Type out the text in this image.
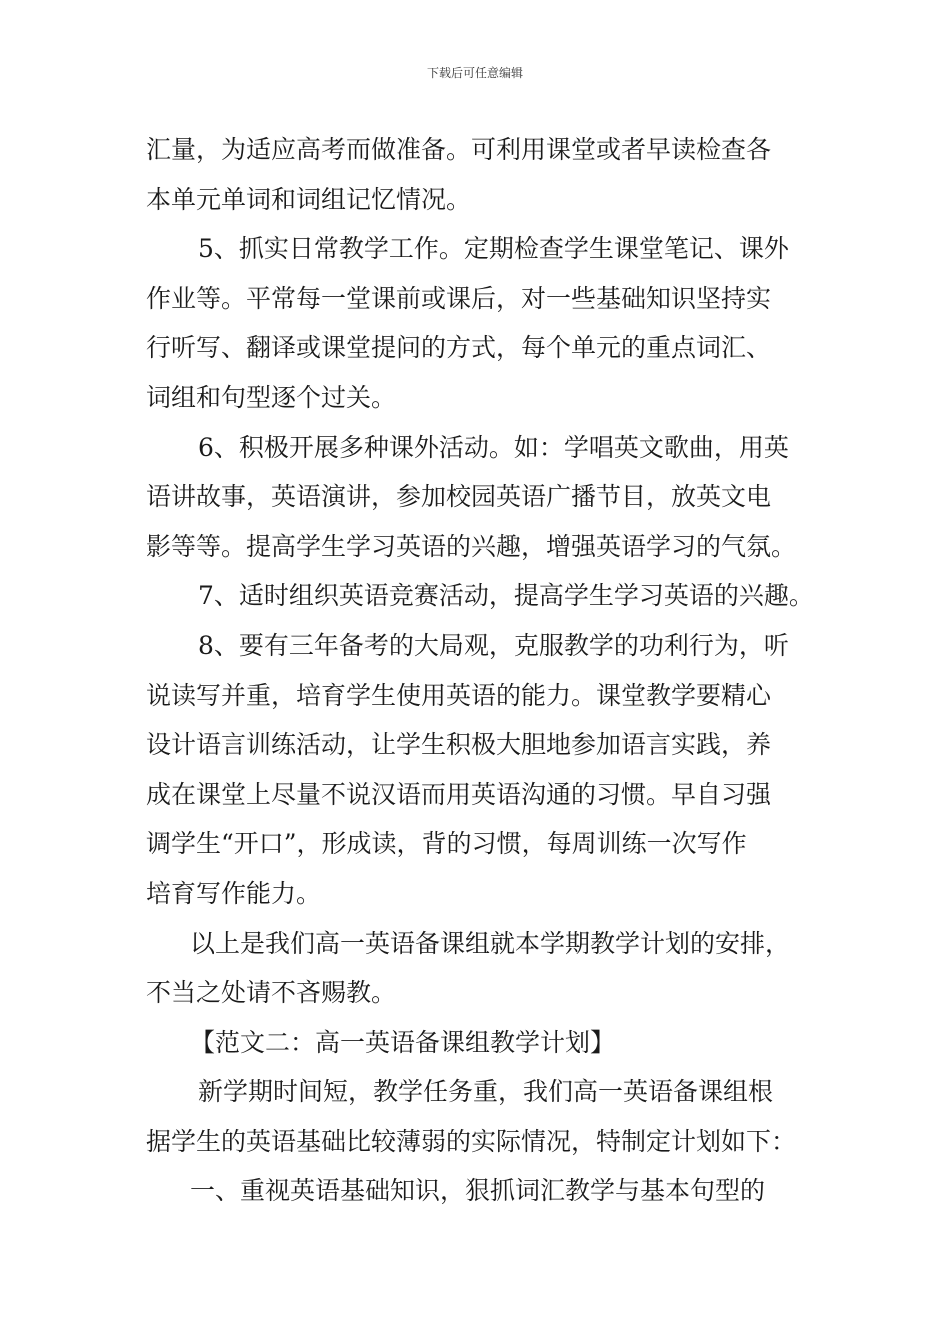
下载后可任意编辑
汇量，为适应高考而做准备。可利用课堂或者早读检查各
本单元单词和词组记忆情况。
5、抓实日常教学工作。定期检查学生课堂笔记、课外
作业等。平常每一堂课前或课后，对一些基础知识坚持实
行听写、翻译或课堂提问的方式，每个单元的重点词汇、
词组和句型逐个过关。
6、积极开展多种课外活动。如：学唱英文歌曲，用英
语讲故事，英语演讲，参加校园英语广播节目，放英文电
影等等。提高学生学习英语的兴趣，增强英语学习的气氛。
7、适时组织英语竞赛活动，提高学生学习英语的兴趣。
8、要有三年备考的大局观，克服教学的功利行为，听
说读写并重，培育学生使用英语的能力。课堂教学要精心
设计语言训练活动，让学生积极大胆地参加语言实践，养
成在课堂上尽量不说汉语而用英语沟通的习惯。早自习强
调学生“开口”，形成读，背的习惯，每周训练一次写作
培育写作能力。
以上是我们高一英语备课组就本学期教学计划的安排，
不当之处请不吝赐教。
【范文二：高一英语备课组教学计划】
新学期时间短，教学任务重，我们高一英语备课组根
据学生的英语基础比较薄弱的实际情况，特制定计划如下：
一、重视英语基础知识，狠抓词汇教学与基本句型的
